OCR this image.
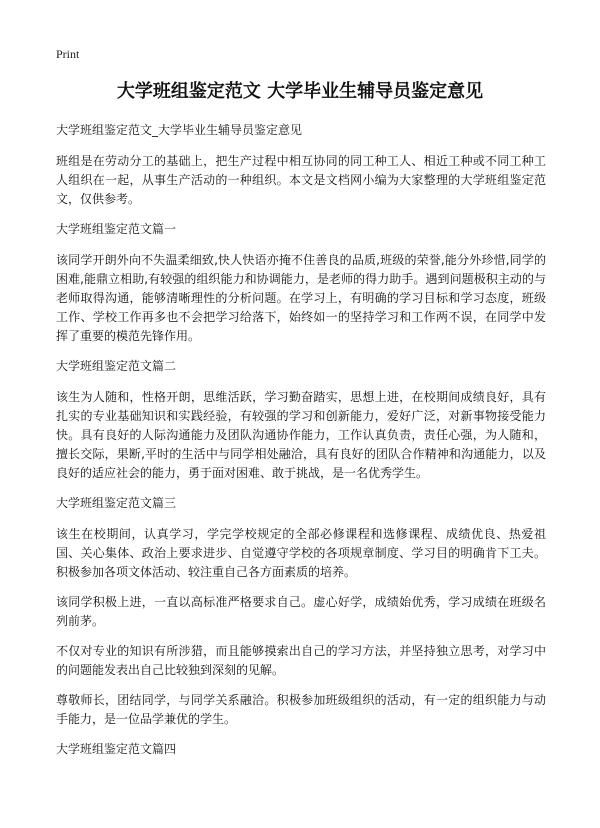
Print
大学班组鉴定范文 大学毕业生辅导员鉴定意见

大学班组鉴定范文_大学毕业生辅导员鉴定意见

班组是在劳动分工的基础上，把生产过程中相互协同的同工种工人、相近工种或不同工种工人组织在一起，从事生产活动的一种组织。本文是文档网小编为大家整理的大学班组鉴定范文，仅供参考。

大学班组鉴定范文篇一

该同学开朗外向不失温柔细致,快人快语亦掩不住善良的品质,班级的荣誉,能分外珍惜,同学的困难,能鼎立相助,有较强的组织能力和协调能力，是老师的得力助手。遇到问题极积主动的与老师取得沟通，能够清晰理性的分析问题。在学习上，有明确的学习目标和学习态度，班级工作、学校工作再多也不会把学习给落下，始终如一的坚持学习和工作两不误，在同学中发挥了重要的模范先锋作用。

大学班组鉴定范文篇二

该生为人随和，性格开朗，思维活跃，学习勤奋踏实，思想上进，在校期间成绩良好，具有扎实的专业基础知识和实践经验，有较强的学习和创新能力，爱好广泛，对新事物接受能力快。具有良好的人际沟通能力及团队沟通协作能力，工作认真负责，责任心强，为人随和，擅长交际，果断,平时的生活中与同学相处融洽，具有良好的团队合作精神和沟通能力，以及良好的适应社会的能力，勇于面对困难、敢于挑战，是一名优秀学生。

大学班组鉴定范文篇三

该生在校期间，认真学习，学完学校规定的全部必修课程和选修课程、成绩优良、热爱祖国、关心集体、政治上要求进步、自觉遵守学校的各项规章制度、学习目的明确肯下工夫。积极参加各项文体活动、较注重自己各方面素质的培养。

该同学积极上进，一直以高标准严格要求自己。虚心好学，成绩始优秀，学习成绩在班级名列前茅。

不仅对专业的知识有所涉猎，而且能够摸索出自己的学习方法，并坚持独立思考，对学习中的问题能发表出自己比较独到深刻的见解。

尊敬师长，团结同学，与同学关系融洽。积极参加班级组织的活动，有一定的组织能力与动手能力，是一位品学兼优的学生。

大学班组鉴定范文篇四
